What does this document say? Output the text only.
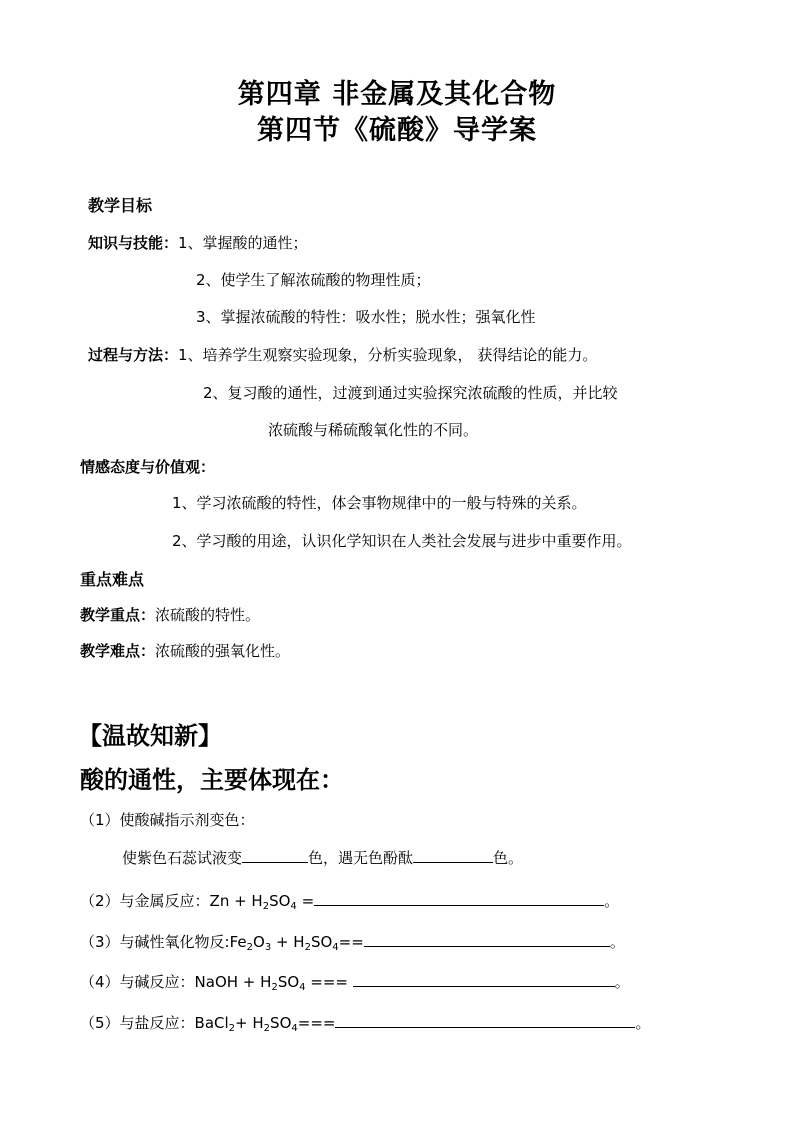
第四章 非金属及其化合物
第四节《硫酸》导学案
教学目标
知识与技能：1、掌握酸的通性；
2、使学生了解浓硫酸的物理性质；
3、掌握浓硫酸的特性：吸水性；脱水性；强氧化性
过程与方法：1、培养学生观察实验现象，分析实验现象， 获得结论的能力。
2、复习酸的通性，过渡到通过实验探究浓硫酸的性质，并比较
浓硫酸与稀硫酸氧化性的不同。
情感态度与价值观：
1、学习浓硫酸的特性，体会事物规律中的一般与特殊的关系。
2、学习酸的用途，认识化学知识在人类社会发展与进步中重要作用。
重点难点
教学重点：浓硫酸的特性。
教学难点：浓硫酸的强氧化性。
【温故知新】
酸的通性，主要体现在：
（1）使酸碱指示剂变色：
使紫色石蕊试液变	色，遇无色酚酞	色。
（2）与金属反应：$Zn + H_2SO_4$ =	。
（3）与碱性氧化物反$:Fe_2O_3 + H_2SO_4==$	。
（4）与碱反应：NaOH + $H_2SO_4$ ===	。
（5）与盐反应：BaCl$_2$+ $H_2SO_4===$	。
